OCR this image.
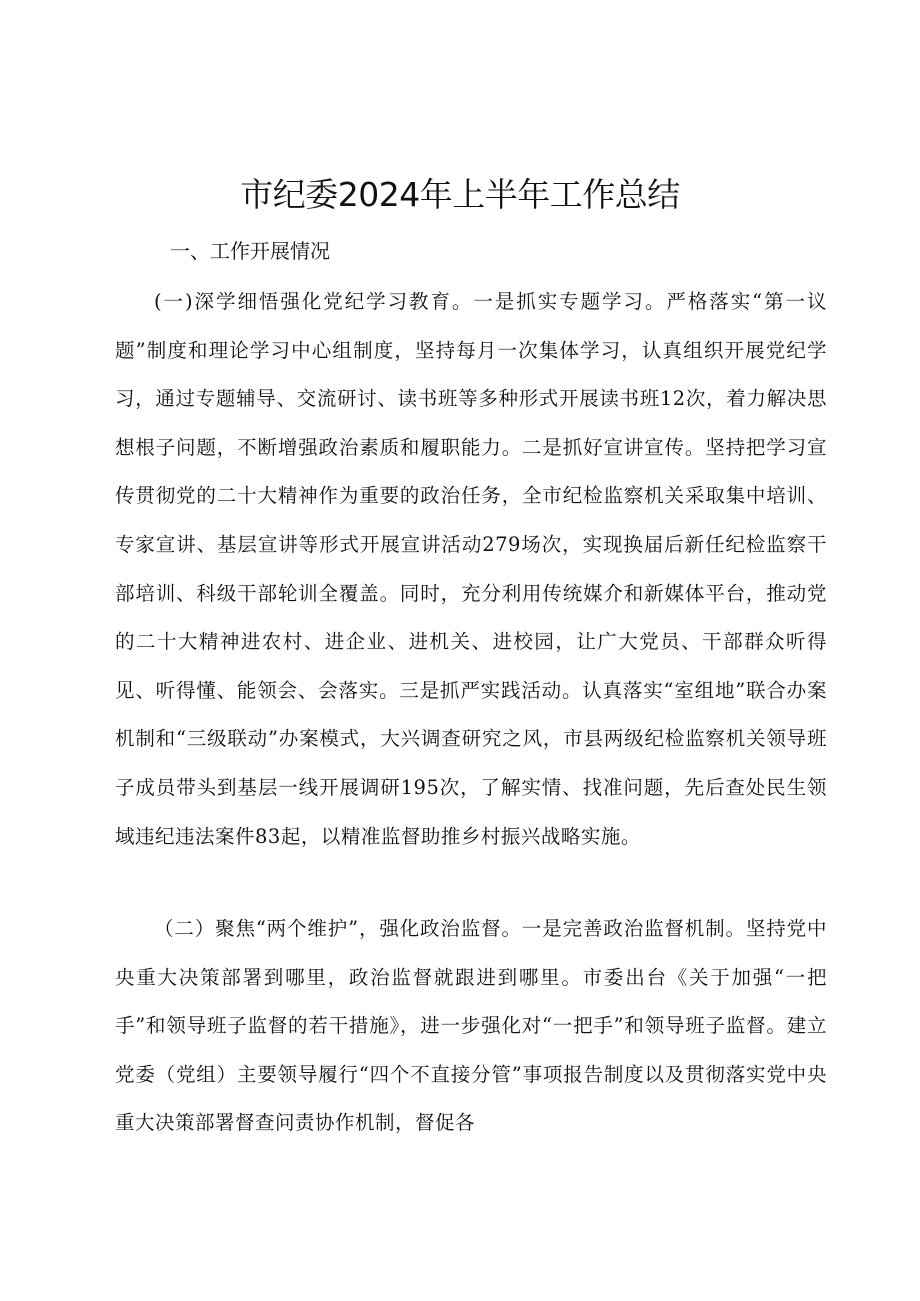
市纪委2024年上半年工作总结
一、工作开展情况

(一)深学细悟强化党纪学习教育。一是抓实专题学习。严格落实“第一议题”制度和理论学习中心组制度，坚持每月一次集体学习，认真组织开展党纪学习，通过专题辅导、交流研讨、读书班等多种形式开展读书班12次，着力解决思想根子问题，不断增强政治素质和履职能力。二是抓好宣讲宣传。坚持把学习宣传贯彻党的二十大精神作为重要的政治任务，全市纪检监察机关采取集中培训、专家宣讲、基层宣讲等形式开展宣讲活动279场次，实现换届后新任纪检监察干部培训、科级干部轮训全覆盖。同时，充分利用传统媒介和新媒体平台，推动党的二十大精神进农村、进企业、进机关、进校园，让广大党员、干部群众听得见、听得懂、能领会、会落实。三是抓严实践活动。认真落实“室组地”联合办案机制和“三级联动”办案模式，大兴调查研究之风，市县两级纪检监察机关领导班子成员带头到基层一线开展调研195次，了解实情、找准问题，先后查处民生领域违纪违法案件83起，以精准监督助推乡村振兴战略实施。

（二）聚焦“两个维护”，强化政治监督。一是完善政治监督机制。坚持党中央重大决策部署到哪里，政治监督就跟进到哪里。市委出台《关于加强“一把手”和领导班子监督的若干措施》，进一步强化对“一把手”和领导班子监督。建立党委（党组）主要领导履行“四个不直接分管”事项报告制度以及贯彻落实党中央重大决策部署督查问责协作机制，督促各
